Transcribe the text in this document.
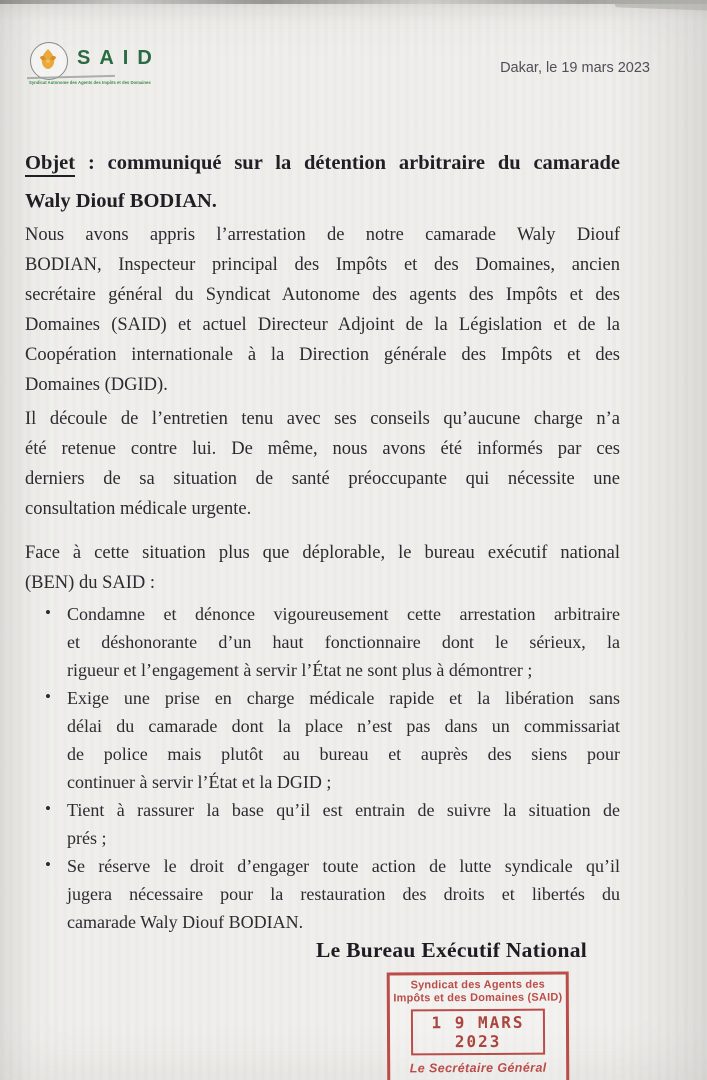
SAID
Syndicat Autonome des Agents des Impôts et des Domaines
Dakar, le 19 mars 2023
Objet : communiqué sur la détention arbitraire du camarade
Waly Diouf BODIAN.
Nous avons appris l’arrestation de notre camarade Waly Diouf
BODIAN, Inspecteur principal des Impôts et des Domaines, ancien
secrétaire général du Syndicat Autonome des agents des Impôts et des
Domaines (SAID) et actuel Directeur Adjoint de la Législation et de la
Coopération internationale à la Direction générale des Impôts et des
Domaines (DGID).
Il découle de l’entretien tenu avec ses conseils qu’aucune charge n’a
été retenue contre lui. De même, nous avons été informés par ces
derniers de sa situation de santé préoccupante qui nécessite une
consultation médicale urgente.
Face à cette situation plus que déplorable, le bureau exécutif national
(BEN) du SAID :
• Condamne et dénonce vigoureusement cette arrestation arbitraire
et déshonorante d’un haut fonctionnaire dont le sérieux, la
rigueur et l’engagement à servir l’État ne sont plus à démontrer ;
• Exige une prise en charge médicale rapide et la libération sans
délai du camarade dont la place n’est pas dans un commissariat
de police mais plutôt au bureau et auprès des siens pour
continuer à servir l’État et la DGID ;
• Tient à rassurer la base qu’il est entrain de suivre la situation de
prés ;
• Se réserve le droit d’engager toute action de lutte syndicale qu’il
jugera nécessaire pour la restauration des droits et libertés du
camarade Waly Diouf BODIAN.
Le Bureau Exécutif National
Syndicat des Agents des
Impôts et des Domaines (SAID)
1 9 MARS 2023
Le Secrétaire Général
